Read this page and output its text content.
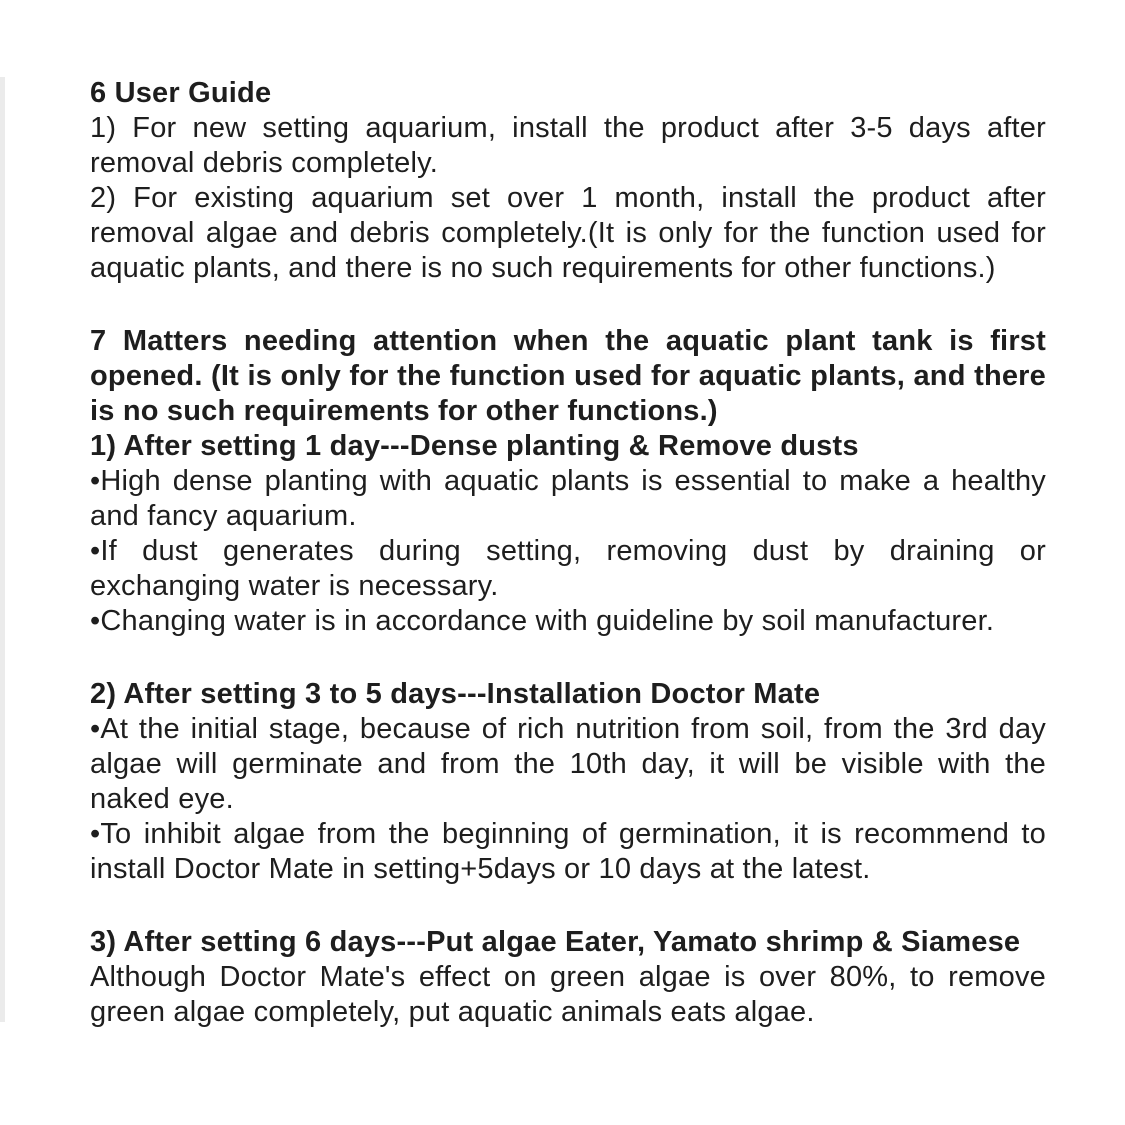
6 User Guide

1) For new setting aquarium, install the product after 3-5 days after removal debris completely.

2) For existing aquarium set over 1 month, install the product after removal algae and debris completely.(It is only for the function used for aquatic plants, and there is no such requirements for other functions.)

7 Matters needing attention when the aquatic plant tank is first opened. (It is only for the function used for aquatic plants, and there is no such requirements for other functions.)
1) After setting 1 day---Dense planting & Remove dusts

•High dense planting with aquatic plants is essential to make a healthy and fancy aquarium.

•If dust generates during setting, removing dust by draining or exchanging water is necessary.

•Changing water is in accordance with guideline by soil manufacturer.

2) After setting 3 to 5 days---Installation Doctor Mate

•At the initial stage, because of rich nutrition from soil, from the 3rd day algae will germinate and from the 10th day, it will be visible with the naked eye.

•To inhibit algae from the beginning of germination, it is recommend to install Doctor Mate in setting+5days or 10 days at the latest.

3) After setting 6 days---Put algae Eater, Yamato shrimp & Siamese

Although Doctor Mate's effect on green algae is over 80%, to remove green algae completely, put aquatic animals eats algae.
